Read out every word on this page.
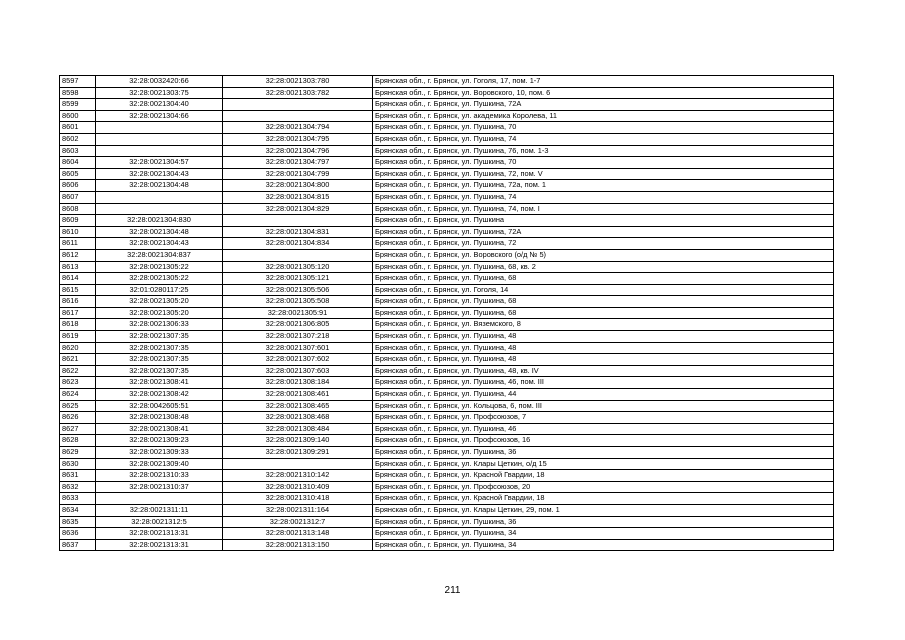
8597	32:28:0032420:66	32:28:0021303:780	Брянская обл., г. Брянск, ул. Гоголя, 17, пом. 1-7
8598	32:28:0021303:75	32:28:0021303:782	Брянская обл., г. Брянск, ул. Воровского, 10, пом. 6
8599	32:28:0021304:40		Брянская обл., г. Брянск, ул. Пушкина, 72А
8600	32:28:0021304:66		Брянская обл., г. Брянск, ул. академика Королева, 11
8601		32:28:0021304:794	Брянская обл., г. Брянск, ул. Пушкина, 70
8602		32:28:0021304:795	Брянская обл., г. Брянск, ул. Пушкина, 74
8603		32:28:0021304:796	Брянская обл., г. Брянск, ул. Пушкина, 76, пом. 1-3
8604	32:28:0021304:57	32:28:0021304:797	Брянская обл., г. Брянск, ул. Пушкина, 70
8605	32:28:0021304:43	32:28:0021304:799	Брянская обл., г. Брянск, ул. Пушкина, 72, пом. V
8606	32:28:0021304:48	32:28:0021304:800	Брянская обл., г. Брянск, ул. Пушкина, 72а, пом. 1
8607		32:28:0021304:815	Брянская обл., г. Брянск, ул. Пушкина, 74
8608		32:28:0021304:829	Брянская обл., г. Брянск, ул. Пушкина, 74, пом. I
8609	32:28:0021304:830		Брянская обл., г. Брянск, ул. Пушкина
8610	32:28:0021304:48	32:28:0021304:831	Брянская обл., г. Брянск, ул. Пушкина, 72А
8611	32:28:0021304:43	32:28:0021304:834	Брянская обл., г. Брянск, ул. Пушкина, 72
8612	32:28:0021304:837		Брянская обл., г. Брянск, ул. Воровского (о/д № 5)
8613	32:28:0021305:22	32:28:0021305:120	Брянская обл., г. Брянск, ул. Пушкина, 68, кв. 2
8614	32:28:0021305:22	32:28:0021305:121	Брянская обл., г. Брянск, ул. Пушкина, 68
8615	32:01:0280117:25	32:28:0021305:506	Брянская обл., г. Брянск, ул. Гоголя, 14
8616	32:28:0021305:20	32:28:0021305:508	Брянская обл., г. Брянск, ул. Пушкина, 68
8617	32:28:0021305:20	32:28:0021305:91	Брянская обл., г. Брянск, ул. Пушкина, 68
8618	32:28:0021306:33	32:28:0021306:805	Брянская обл., г. Брянск, ул. Вяземского, 8
8619	32:28:0021307:35	32:28:0021307:218	Брянская обл., г. Брянск, ул. Пушкина, 48
8620	32:28:0021307:35	32:28:0021307:601	Брянская обл., г. Брянск, ул. Пушкина, 48
8621	32:28:0021307:35	32:28:0021307:602	Брянская обл., г. Брянск, ул. Пушкина, 48
8622	32:28:0021307:35	32:28:0021307:603	Брянская обл., г. Брянск, ул. Пушкина, 48, кв. IV
8623	32:28:0021308:41	32:28:0021308:184	Брянская обл., г. Брянск, ул. Пушкина, 46, пом. III
8624	32:28:0021308:42	32:28:0021308:461	Брянская обл., г. Брянск, ул. Пушкина, 44
8625	32:28:0042605:51	32:28:0021308:465	Брянская обл., г. Брянск, ул. Кольцова, 6, пом. III
8626	32:28:0021308:48	32:28:0021308:468	Брянская обл., г. Брянск, ул. Профсоюзов, 7
8627	32:28:0021308:41	32:28:0021308:484	Брянская обл., г. Брянск, ул. Пушкина, 46
8628	32:28:0021309:23	32:28:0021309:140	Брянская обл., г. Брянск, ул. Профсоюзов, 16
8629	32:28:0021309:33	32:28:0021309:291	Брянская обл., г. Брянск, ул. Пушкина, 36
8630	32:28:0021309:40		Брянская обл., г. Брянск, ул. Клары Цеткин, о/д 15
8631	32:28:0021310:33	32:28:0021310:142	Брянская обл., г. Брянск, ул. Красной Гвардии, 18
8632	32:28:0021310:37	32:28:0021310:409	Брянская обл., г. Брянск, ул. Профсоюзов, 20
8633		32:28:0021310:418	Брянская обл., г. Брянск, ул. Красной Гвардии, 18
8634	32:28:0021311:11	32:28:0021311:164	Брянская обл., г. Брянск, ул. Клары Цеткин, 29, пом. 1
8635	32:28:0021312:5	32:28:0021312:7	Брянская обл., г. Брянск, ул. Пушкина, 36
8636	32:28:0021313:31	32:28:0021313:148	Брянская обл., г. Брянск, ул. Пушкина, 34
8637	32:28:0021313:31	32:28:0021313:150	Брянская обл., г. Брянск, ул. Пушкина, 34
211
